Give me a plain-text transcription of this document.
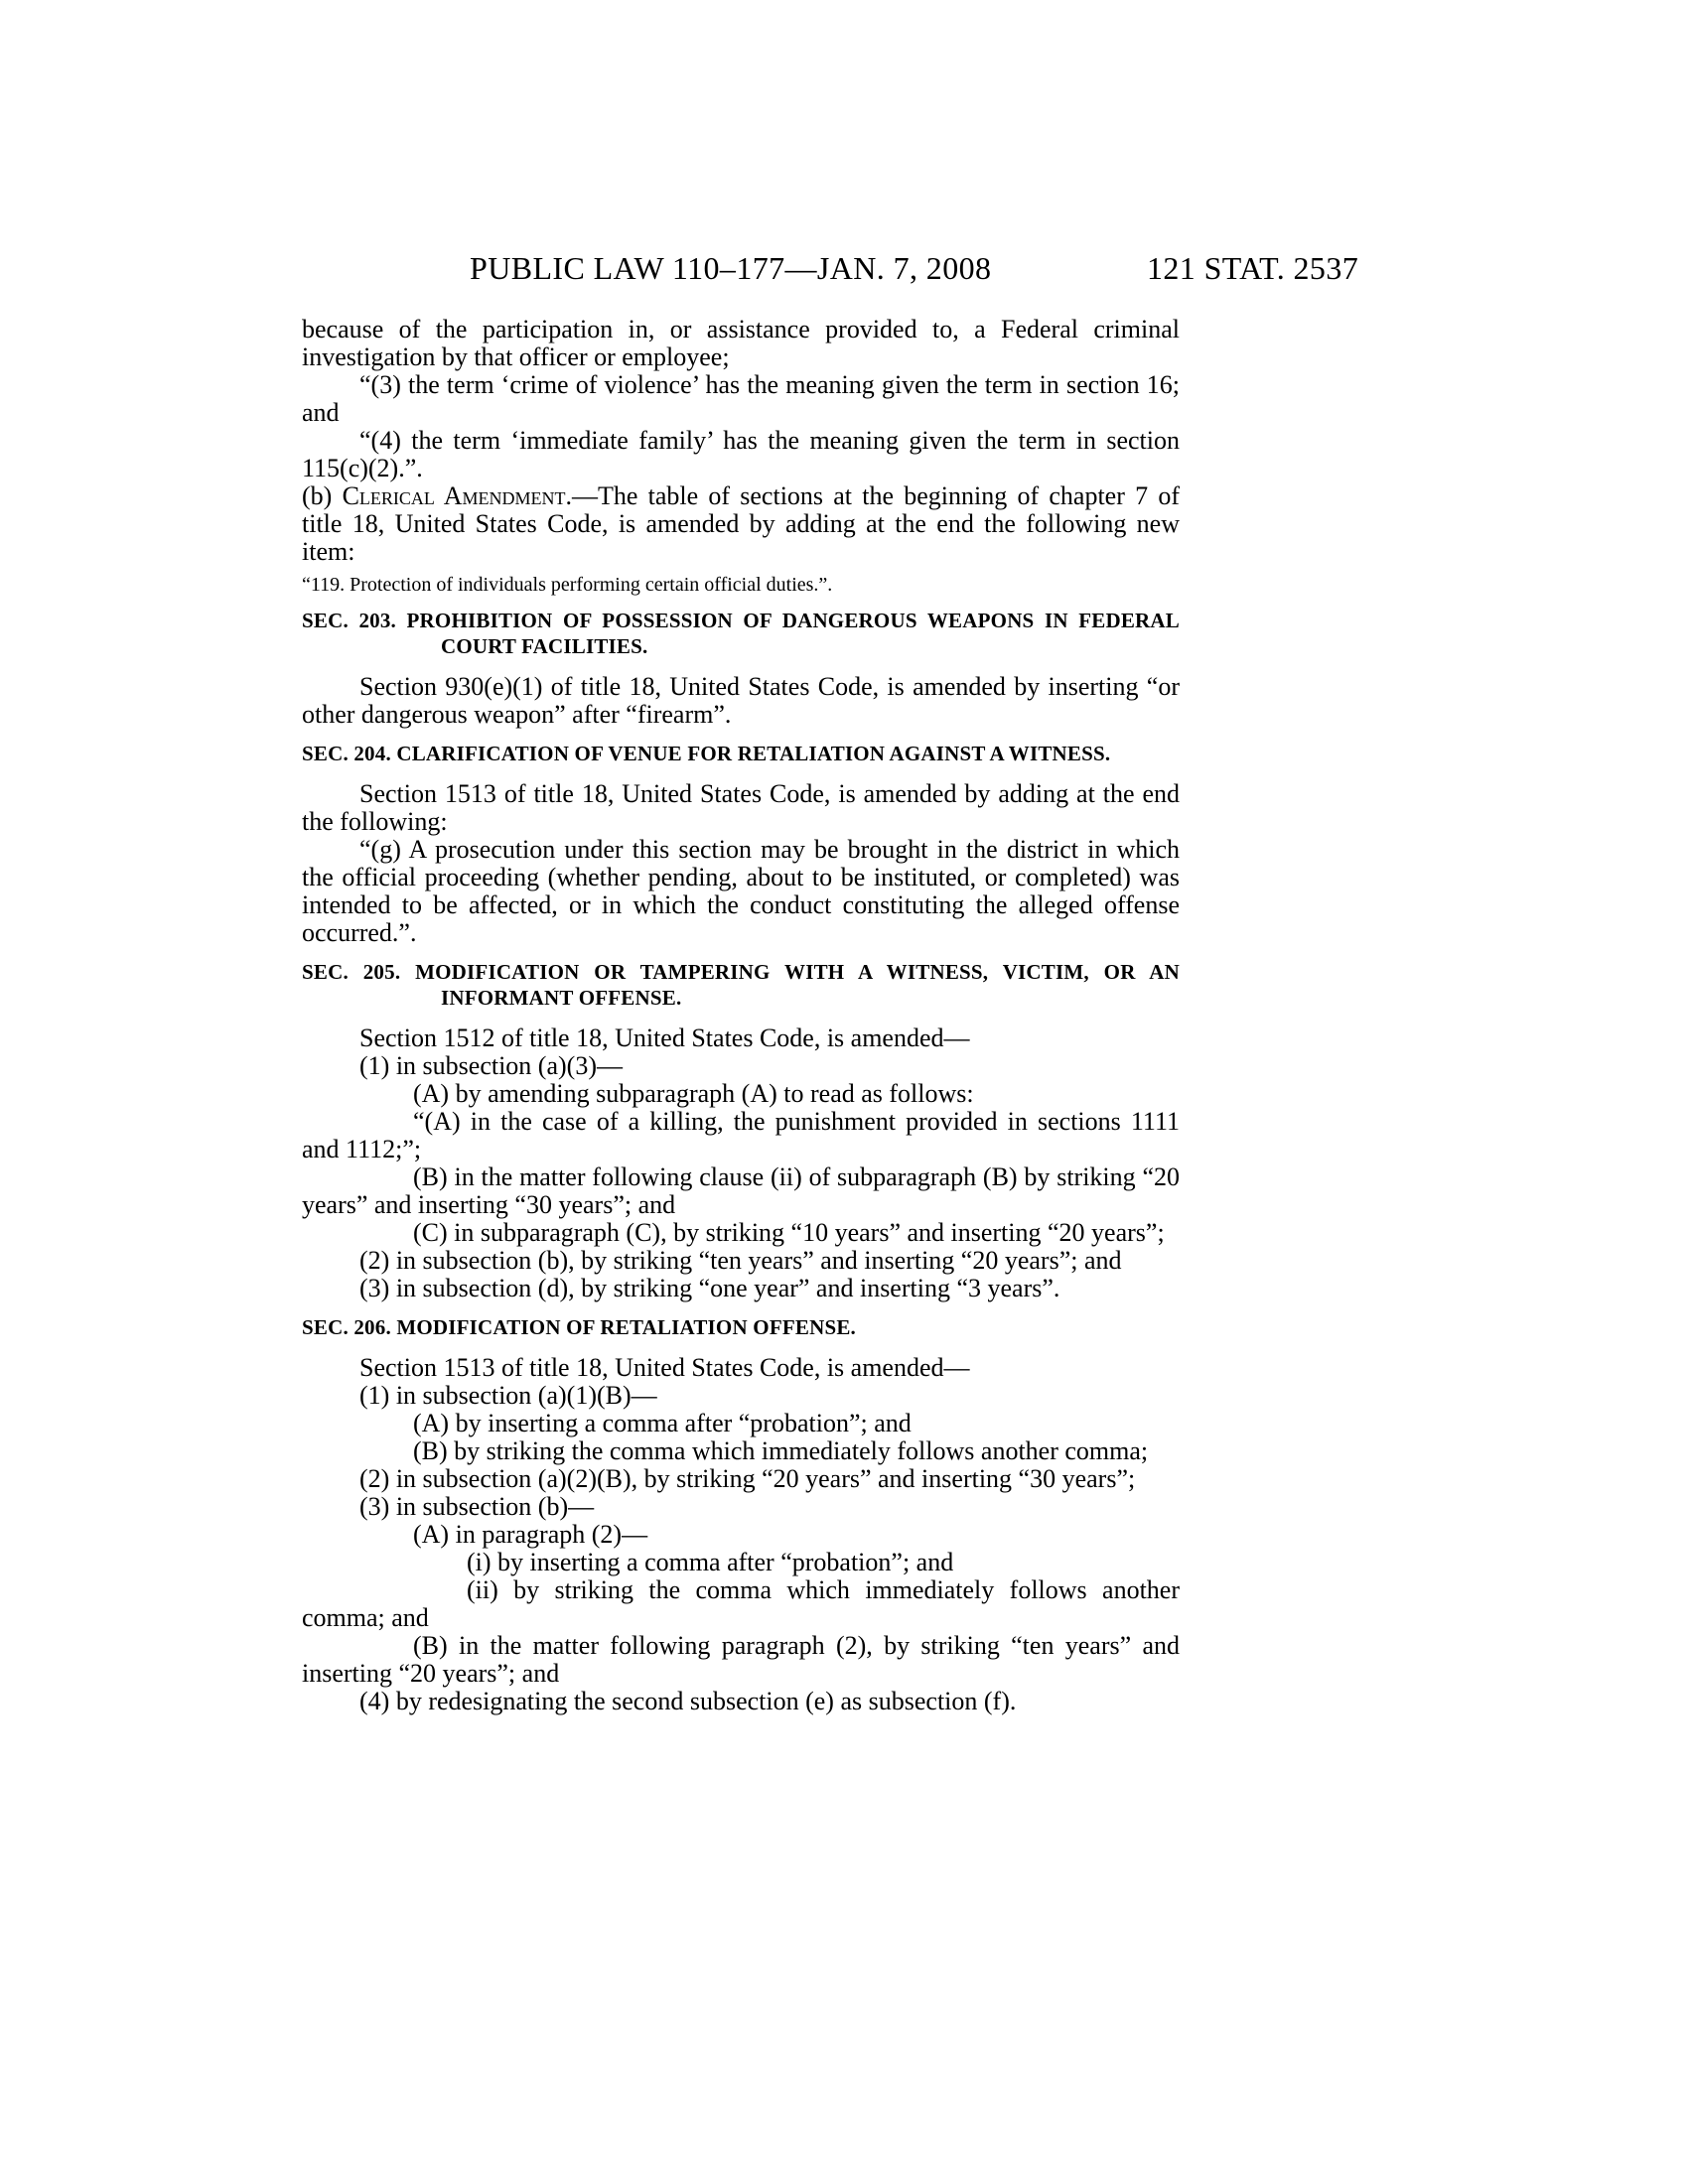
PUBLIC LAW 110–177—JAN. 7, 2008	121 STAT. 2537

because of the participation in, or assistance provided to, a Federal criminal investigation by that officer or employee;

“(3) the term ‘crime of violence’ has the meaning given the term in section 16; and

“(4) the term ‘immediate family’ has the meaning given the term in section 115(c)(2).”.

(b) Clerical Amendment.—The table of sections at the beginning of chapter 7 of title 18, United States Code, is amended by adding at the end the following new item:

“119. Protection of individuals performing certain official duties.”.
SEC. 203. PROHIBITION OF POSSESSION OF DANGEROUS WEAPONS IN FEDERAL COURT FACILITIES.

Section 930(e)(1) of title 18, United States Code, is amended by inserting “or other dangerous weapon” after “firearm”.

SEC. 204. CLARIFICATION OF VENUE FOR RETALIATION AGAINST A WITNESS.

Section 1513 of title 18, United States Code, is amended by adding at the end the following:

“(g) A prosecution under this section may be brought in the district in which the official proceeding (whether pending, about to be instituted, or completed) was intended to be affected, or in which the conduct constituting the alleged offense occurred.”.

SEC. 205. MODIFICATION OR TAMPERING WITH A WITNESS, VICTIM, OR AN INFORMANT OFFENSE.

Section 1512 of title 18, United States Code, is amended—

(1) in subsection (a)(3)—

(A) by amending subparagraph (A) to read as follows:

“(A) in the case of a killing, the punishment provided in sections 1111 and 1112;”;

(B) in the matter following clause (ii) of subparagraph (B) by striking “20 years” and inserting “30 years”; and

(C) in subparagraph (C), by striking “10 years” and inserting “20 years”;

(2) in subsection (b), by striking “ten years” and inserting “20 years”; and

(3) in subsection (d), by striking “one year” and inserting “3 years”.

SEC. 206. MODIFICATION OF RETALIATION OFFENSE.

Section 1513 of title 18, United States Code, is amended—

(1) in subsection (a)(1)(B)—

(A) by inserting a comma after “probation”; and

(B) by striking the comma which immediately follows another comma;

(2) in subsection (a)(2)(B), by striking “20 years” and inserting “30 years”;

(3) in subsection (b)—

(A) in paragraph (2)—

(i) by inserting a comma after “probation”; and

(ii) by striking the comma which immediately follows another comma; and

(B) in the matter following paragraph (2), by striking “ten years” and inserting “20 years”; and

(4) by redesignating the second subsection (e) as subsection (f).
